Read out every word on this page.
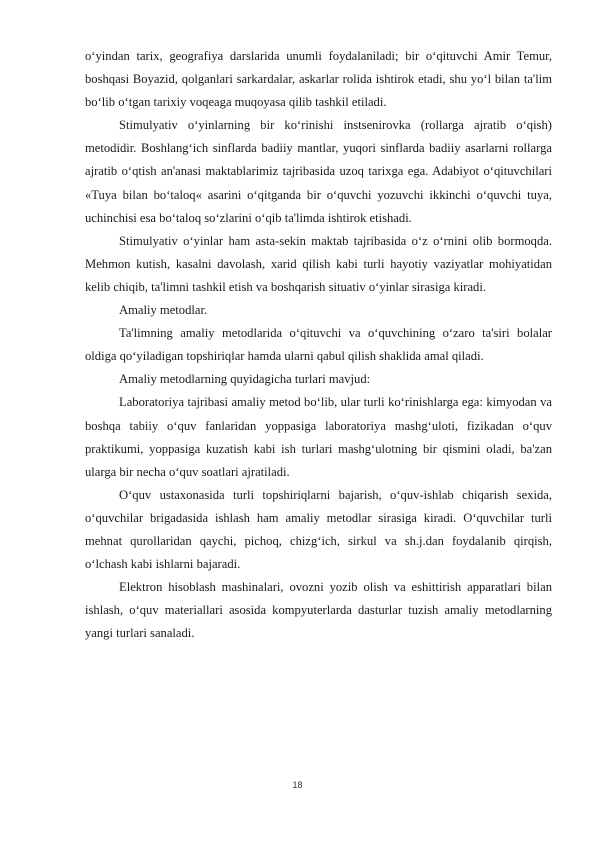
o‘yindan tarix, geografiya darslarida unumli foydalaniladi; bir o‘qituvchi Amir Temur, boshqasi Boyazid, qolganlari sarkardalar, askarlar rolida ishtirok etadi, shu yo‘l bilan ta'lim bo‘lib o‘tgan tarixiy voqeaga muqoyasa qilib tashkil etiladi.

Stimulyativ o‘yinlarning bir ko‘rinishi instsenirovka (rollarga ajratib o‘qish) metodidir. Boshlang‘ich sinflarda badiiy mantlar, yuqori sinflarda badiiy asarlarni rollarga ajratib o‘qtish an'anasi maktablarimiz tajribasida uzoq tarixga ega. Adabiyot o‘qituvchilari «Tuya bilan bo‘taloq« asarini o‘qitganda bir o‘quvchi yozuvchi ikkinchi o‘quvchi tuya, uchinchisi esa bo‘taloq so‘zlarini o‘qib ta'limda ishtirok etishadi.

Stimulyativ o‘yinlar ham asta-sekin maktab tajribasida o‘z o‘rnini olib bormoqda. Mehmon kutish, kasalni davolash, xarid qilish kabi turli hayotiy vaziyatlar mohiyatidan kelib chiqib, ta'limni tashkil etish va boshqarish situativ o‘yinlar sirasiga kiradi.

Amaliy metodlar.

Ta'limning amaliy metodlarida o‘qituvchi va o‘quvchining o‘zaro ta'siri bolalar oldiga qo‘yiladigan topshiriqlar hamda ularni qabul qilish shaklida amal qiladi.

Amaliy metodlarning quyidagicha turlari mavjud:

Laboratoriya tajribasi amaliy metod bo‘lib, ular turli ko‘rinishlarga ega: kimyodan va boshqa tabiiy o‘quv fanlaridan yoppasiga laboratoriya mashg‘uloti, fizikadan o‘quv praktikumi, yoppasiga kuzatish kabi ish turlari mashg‘ulotning bir qismini oladi, ba'zan ularga bir necha o‘quv soatlari ajratiladi.

O‘quv ustaxonasida turli topshiriqlarni bajarish, o‘quv-ishlab chiqarish sexida, o‘quvchilar brigadasida ishlash ham amaliy metodlar sirasiga kiradi. O‘quvchilar turli mehnat qurollaridan qaychi, pichoq, chizg‘ich, sirkul va sh.j.dan foydalanib qirqish, o‘lchash kabi ishlarni bajaradi.

Elektron hisoblash mashinalari, ovozni yozib olish va eshittirish apparatlari bilan ishlash, o‘quv materiallari asosida kompyuterlarda dasturlar tuzish amaliy metodlarning yangi turlari sanaladi.

18
